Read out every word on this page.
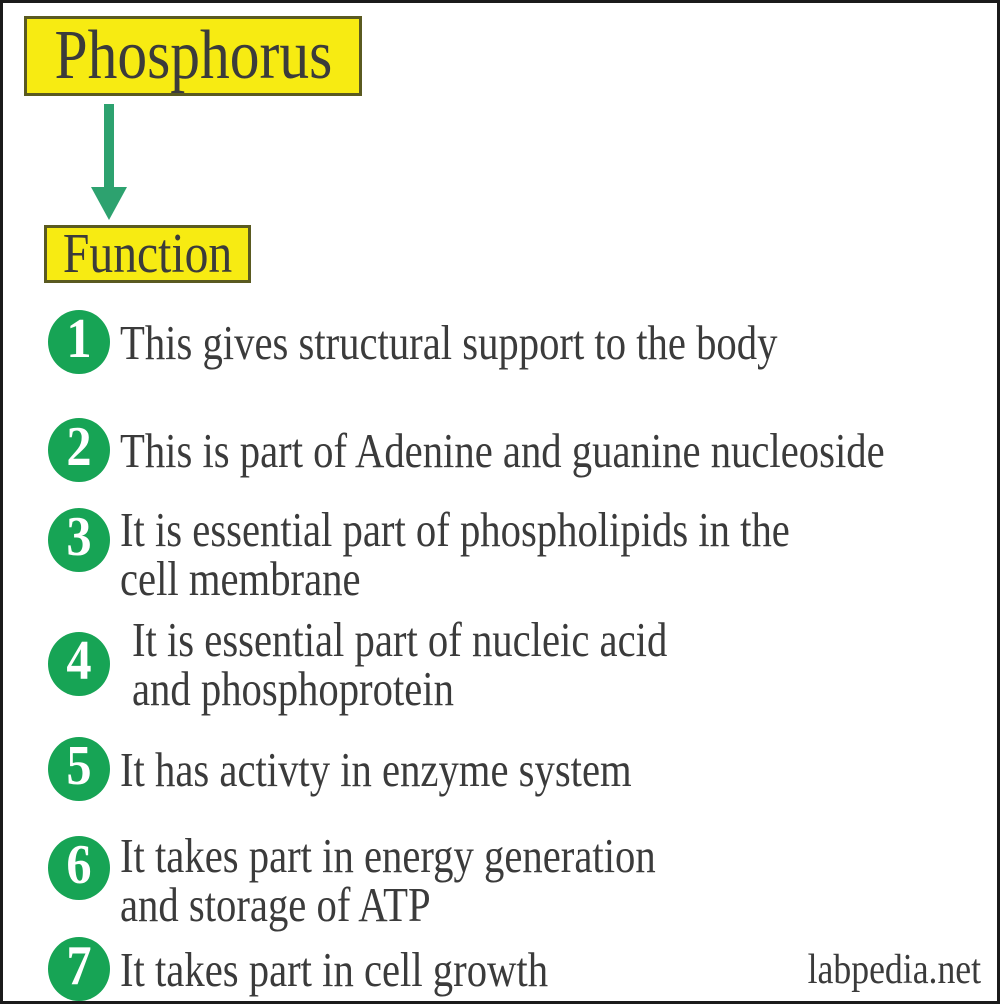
Phosphorus
Function
1 This gives structural support to the body
2 This is part of Adenine and guanine nucleoside
3 It is essential part of phospholipids in the
cell membrane
4 It is essential part of nucleic acid
and phosphoprotein
5 It has activty in enzyme system
6 It takes part in energy generation
and storage of ATP
7 It takes part in cell growth	labpedia.net
